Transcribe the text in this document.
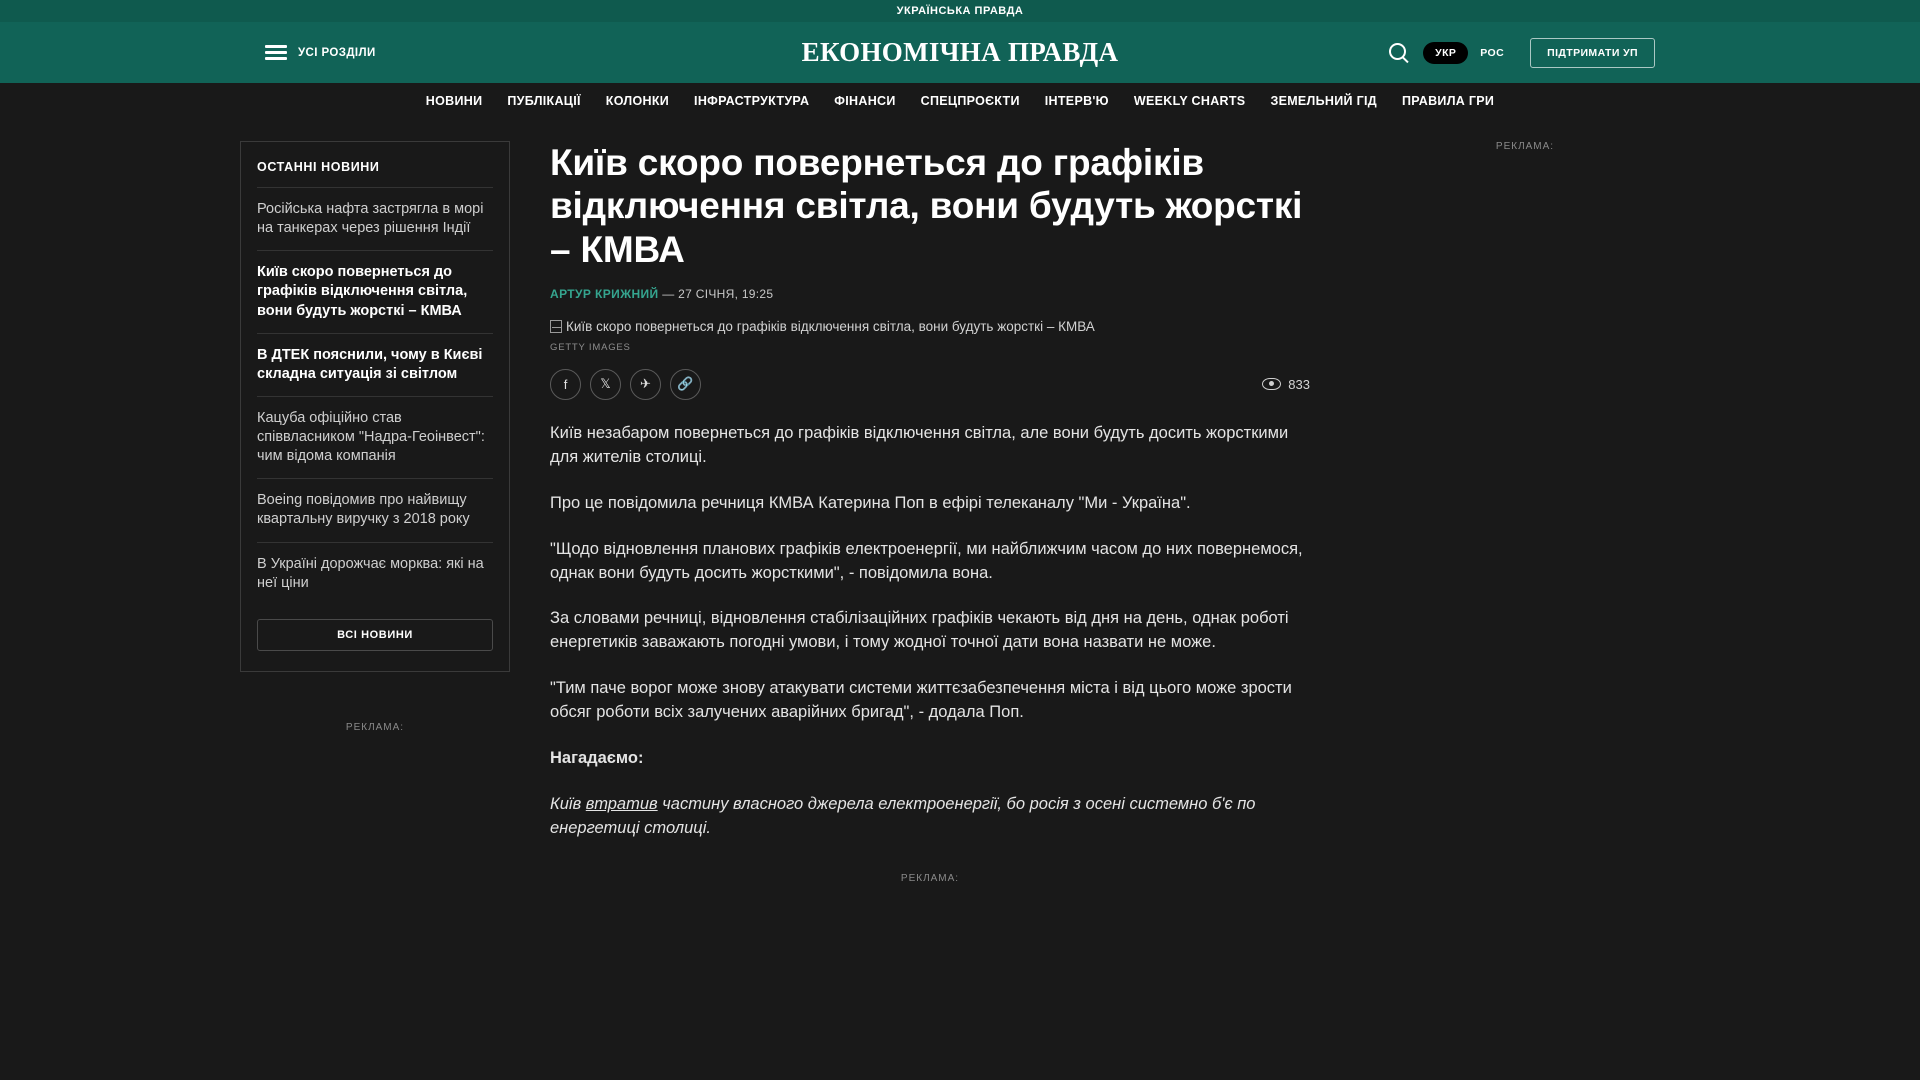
УКРАЇНСЬКА ПРАВДА
УСІ РОЗДІЛИ	ЕКОНОМІЧНА ПРАВДА	УКР	РОС	ПІДТРИМАТИ УП
НОВИНИ ПУБЛІКАЦІЇ КОЛОНКИ ІНФРАСТРУКТУРА ФІНАНСИ СПЕЦПРОЄКТИ ІНТЕРВ'Ю WEEKLY CHARTS ЗЕМЕЛЬНИЙ ГІД ПРАВИЛА ГРИ
ОСТАННІ НОВИНИ
Російська нафта застрягла в морі на танкерах через рішення Індії
Київ скоро повернеться до графіків відключення світла, вони будуть жорсткі – КМВА
В ДТЕК пояснили, чому в Києві складна ситуація зі світлом
Кацуба офіційно став співвласником "Надра-Геоінвест": чим відома компанія
Boeing повідомив про найвищу квартальну виручку з 2018 року
В Україні дорожчає морква: які на неї ціни
ВСІ НОВИНИ
РЕКЛАМА:
Київ скоро повернеться до графіків відключення світла, вони будуть жорсткі – КМВА
АРТУР КРИЖНИЙ — 27 СІЧНЯ, 19:25
Київ скоро повернеться до графіків відключення світла, вони будуть жорсткі – КМВА
GETTY IMAGES
f	𝕏	✈	🔗	833

Київ незабаром повернеться до графіків відключення світла, але вони будуть досить жорсткими для жителів столиці.

Про це повідомила речниця КМВА Катерина Поп в ефірі телеканалу "Ми - Україна".

"Щодо відновлення планових графіків електроенергії, ми найближчим часом до них повернемося, однак вони будуть досить жорсткими", - повідомила вона.

За словами речниці, відновлення стабілізаційних графіків чекають від дня на день, однак роботі енергетиків заважають погодні умови, і тому жодної точної дати вона назвати не може.

"Тим паче ворог може знову атакувати системи життєзабезпечення міста і від цього може зрости обсяг роботи всіх залучених аварійних бригад", - додала Поп.

Нагадаємо:

Київ втратив частину власного джерела електроенергії, бо росія з осені системно б'є по енергетиці столиці.

РЕКЛАМА:
РЕКЛАМА:
